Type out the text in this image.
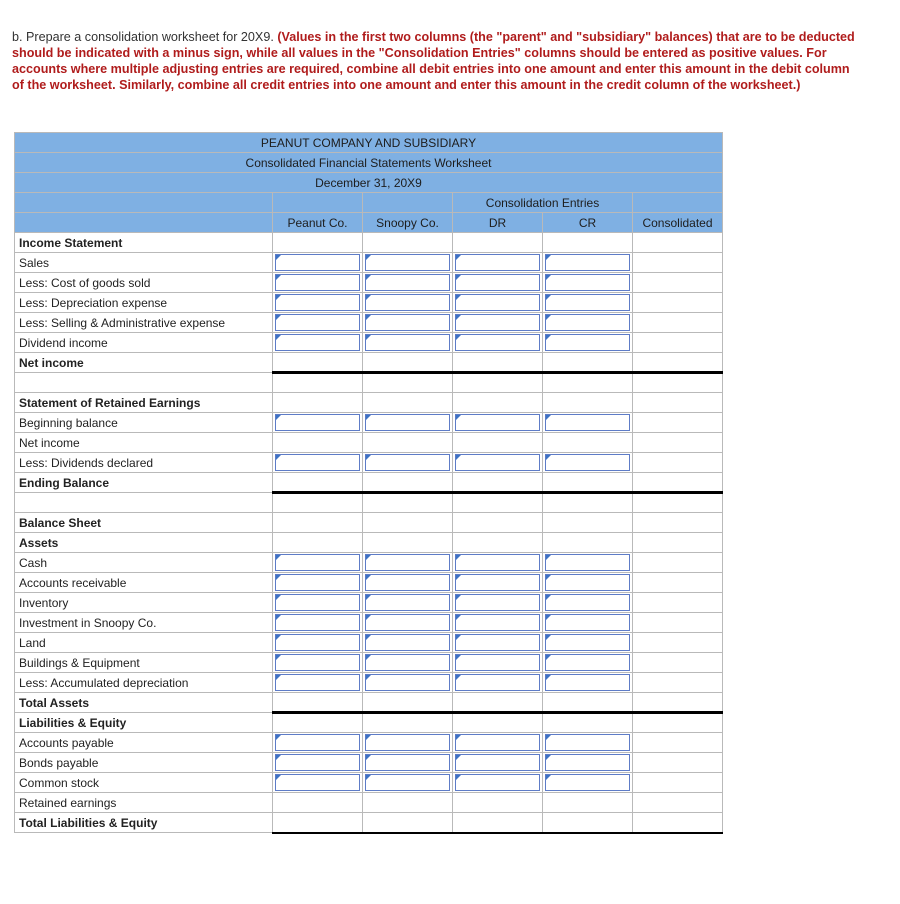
b. Prepare a consolidation worksheet for 20X9. (Values in the first two columns (the "parent" and "subsidiary" balances) that are to be deducted should be indicated with a minus sign, while all values in the "Consolidation Entries" columns should be entered as positive values. For accounts where multiple adjusting entries are required, combine all debit entries into one amount and enter this amount in the debit column of the worksheet. Similarly, combine all credit entries into one amount and enter this amount in the credit column of the worksheet.)

PEANUT COMPANY AND SUBSIDIARY					
Consolidated Financial Statements Worksheet					
December 31, 20X9					
			Consolidation Entries		
	Peanut Co.	Snoopy Co.	DR	CR	Consolidated
Income Statement					
Sales	

Less: Cost of goods sold	

Less: Depreciation expense	

Less: Selling & Administrative expense	

Dividend income	

Net income					

Statement of Retained Earnings					
Beginning balance	

Net income					
Less: Dividends declared	

Ending Balance					

Balance Sheet					
Assets					
Cash	

Accounts receivable	

Inventory	

Investment in Snoopy Co.	

Land	

Buildings & Equipment	

Less: Accumulated depreciation	

Total Assets					
Liabilities & Equity					
Accounts payable	

Bonds payable	

Common stock	

Retained earnings					
Total Liabilities & Equity					
